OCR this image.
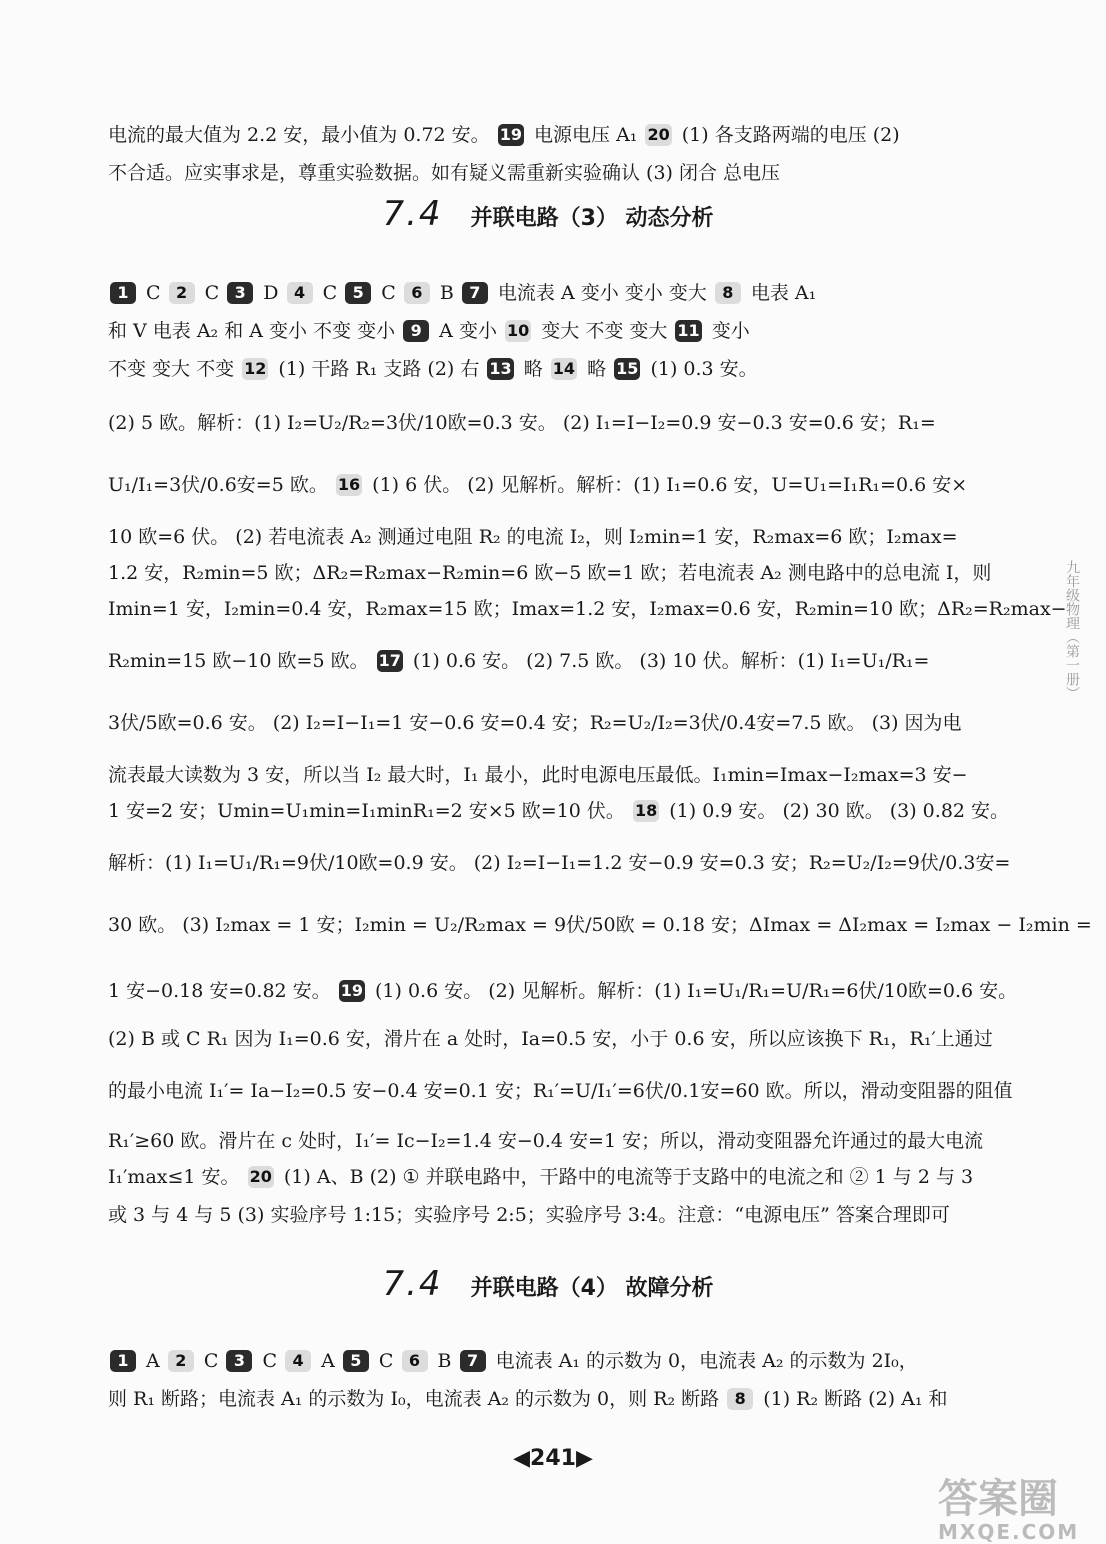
电流的最大值为 2.2 安，最小值为 0.72 安。 19 电源电压 A₁ 20 (1) 各支路两端的电压 (2)
不合适。应实事求是，尊重实验数据。如有疑义需重新实验确认 (3) 闭合 总电压
7.4 并联电路（3） 动态分析
1 C 2 C 3 D 4 C 5 C 6 B 7 电流表 A 变小 变小 变大 8 电表 A₁
和 V 电表 A₂ 和 A 变小 不变 变小 9 A 变小 10 变大 不变 变大 11 变小
不变 变大 不变 12 (1) 干路 R₁ 支路 (2) 右 13 略 14 略 15 (1) 0.3 安。
(2) 5 欧。解析：(1) I₂=U₂/R₂=3伏/10欧=0.3 安。 (2) I₁=I−I₂=0.9 安−0.3 安=0.6 安；R₁=
U₁/I₁=3伏/0.6安=5 欧。 16 (1) 6 伏。 (2) 见解析。解析：(1) I₁=0.6 安，U=U₁=I₁R₁=0.6 安×
10 欧=6 伏。 (2) 若电流表 A₂ 测通过电阻 R₂ 的电流 I₂，则 I₂min=1 安，R₂max=6 欧；I₂max=
1.2 安，R₂min=5 欧；ΔR₂=R₂max−R₂min=6 欧−5 欧=1 欧；若电流表 A₂ 测电路中的总电流 I，则
Imin=1 安，I₂min=0.4 安，R₂max=15 欧；Imax=1.2 安，I₂max=0.6 安，R₂min=10 欧；ΔR₂=R₂max−
R₂min=15 欧−10 欧=5 欧。 17 (1) 0.6 安。 (2) 7.5 欧。 (3) 10 伏。解析：(1) I₁=U₁/R₁=
3伏/5欧=0.6 安。 (2) I₂=I−I₁=1 安−0.6 安=0.4 安；R₂=U₂/I₂=3伏/0.4安=7.5 欧。 (3) 因为电
流表最大读数为 3 安，所以当 I₂ 最大时，I₁ 最小，此时电源电压最低。I₁min=Imax−I₂max=3 安−
1 安=2 安；Umin=U₁min=I₁minR₁=2 安×5 欧=10 伏。 18 (1) 0.9 安。 (2) 30 欧。 (3) 0.82 安。
解析：(1) I₁=U₁/R₁=9伏/10欧=0.9 安。 (2) I₂=I−I₁=1.2 安−0.9 安=0.3 安；R₂=U₂/I₂=9伏/0.3安=
30 欧。 (3) I₂max = 1 安；I₂min = U₂/R₂max = 9伏/50欧 = 0.18 安；ΔImax = ΔI₂max = I₂max − I₂min =
1 安−0.18 安=0.82 安。 19 (1) 0.6 安。 (2) 见解析。解析：(1) I₁=U₁/R₁=U/R₁=6伏/10欧=0.6 安。
(2) B 或 C R₁ 因为 I₁=0.6 安，滑片在 a 处时，Ia=0.5 安，小于 0.6 安，所以应该换下 R₁，R₁′上通过
的最小电流 I₁′= Ia−I₂=0.5 安−0.4 安=0.1 安；R₁′=U/I₁′=6伏/0.1安=60 欧。所以，滑动变阻器的阻值
R₁′≥60 欧。滑片在 c 处时，I₁′= Ic−I₂=1.4 安−0.4 安=1 安；所以，滑动变阻器允许通过的最大电流
I₁′max≤1 安。 20 (1) A、B (2) ① 并联电路中，干路中的电流等于支路中的电流之和 ② 1 与 2 与 3
或 3 与 4 与 5 (3) 实验序号 1:15；实验序号 2:5；实验序号 3:4。注意：“电源电压” 答案合理即可
7.4 并联电路（4） 故障分析
1 A 2 C 3 C 4 A 5 C 6 B 7 电流表 A₁ 的示数为 0，电流表 A₂ 的示数为 2I₀，
则 R₁ 断路；电流表 A₁ 的示数为 I₀，电流表 A₂ 的示数为 0，则 R₂ 断路 8 (1) R₂ 断路 (2) A₁ 和
◀241▶
九年级物理（第一册）
答案圈
MXQE.COM
